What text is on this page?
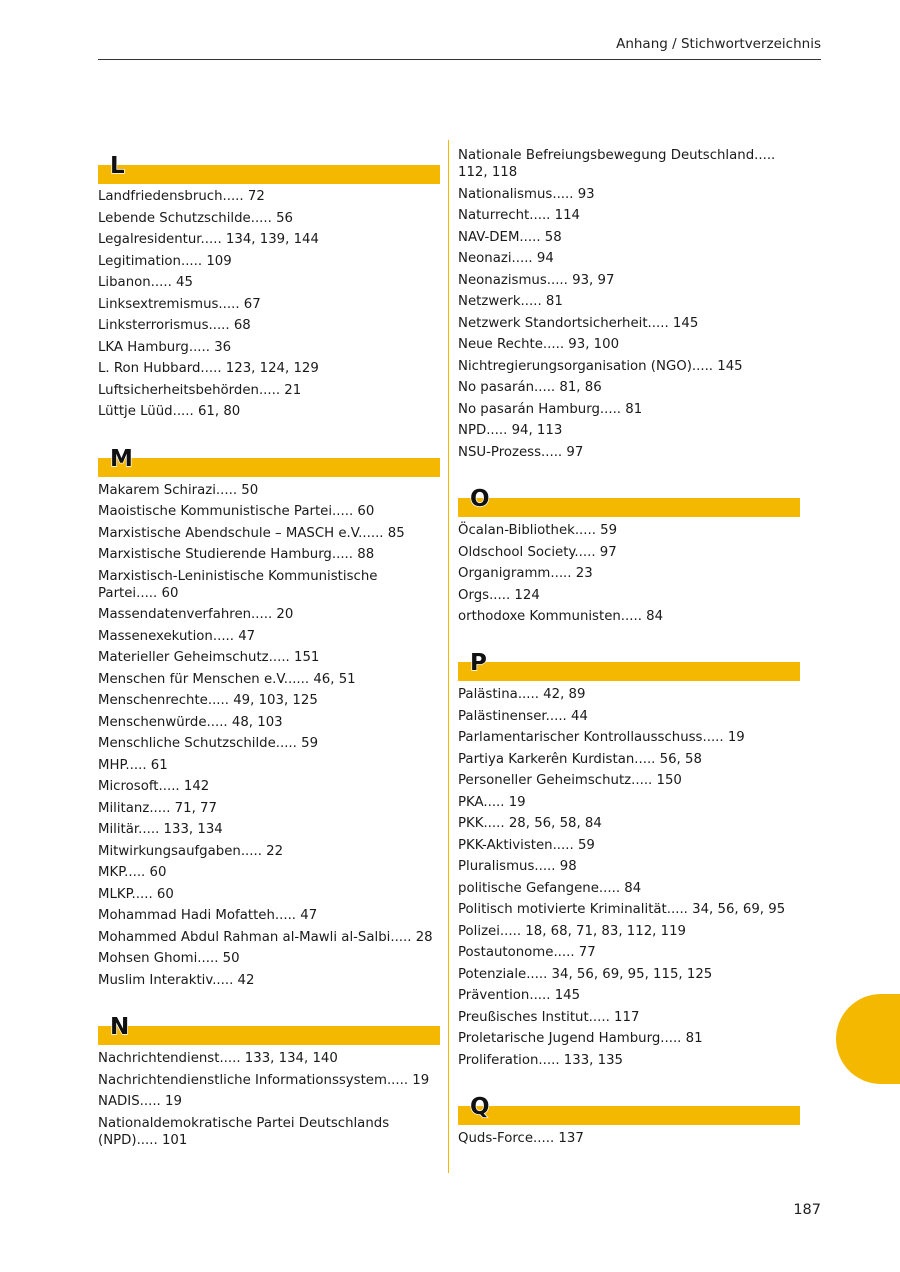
Anhang / Stichwortverzeichnis
L
Landfriedensbruch..... 72
Lebende Schutzschilde..... 56
Legalresidentur..... 134, 139, 144
Legitimation..... 109
Libanon..... 45
Linksextremismus..... 67
Linksterrorismus..... 68
LKA Hamburg..... 36
L. Ron Hubbard..... 123, 124, 129
Luftsicherheitsbehörden..... 21
Lüttje Lüüd..... 61, 80
M
Makarem Schirazi..... 50
Maoistische Kommunistische Partei..... 60
Marxistische Abendschule – MASCH e.V...... 85
Marxistische Studierende Hamburg..... 88
Marxistisch-Leninistische Kommunistische Partei..... 60
Massendatenverfahren..... 20
Massenexekution..... 47
Materieller Geheimschutz..... 151
Menschen für Menschen e.V...... 46, 51
Menschenrechte..... 49, 103, 125
Menschenwürde..... 48, 103
Menschliche Schutzschilde..... 59
MHP..... 61
Microsoft..... 142
Militanz..... 71, 77
Militär..... 133, 134
Mitwirkungsaufgaben..... 22
MKP..... 60
MLKP..... 60
Mohammad Hadi Mofatteh..... 47
Mohammed Abdul Rahman al-Mawli al-Salbi..... 28
Mohsen Ghomi..... 50
Muslim Interaktiv..... 42
N
Nachrichtendienst..... 133, 134, 140
Nachrichtendienstliche Informationssystem..... 19
NADIS..... 19
Nationaldemokratische Partei Deutschlands (NPD)..... 101
Nationale Befreiungsbewegung Deutschland..... 112, 118
Nationalismus..... 93
Naturrecht..... 114
NAV-DEM..... 58
Neonazi..... 94
Neonazismus..... 93, 97
Netzwerk..... 81
Netzwerk Standortsicherheit..... 145
Neue Rechte..... 93, 100
Nichtregierungsorganisation (NGO)..... 145
No pasarán..... 81, 86
No pasarán Hamburg..... 81
NPD..... 94, 113
NSU-Prozess..... 97
O
Öcalan-Bibliothek..... 59
Oldschool Society..... 97
Organigramm..... 23
Orgs..... 124
orthodoxe Kommunisten..... 84
P
Palästina..... 42, 89
Palästinenser..... 44
Parlamentarischer Kontrollausschuss..... 19
Partiya Karkerên Kurdistan..... 56, 58
Personeller Geheimschutz..... 150
PKA..... 19
PKK..... 28, 56, 58, 84
PKK-Aktivisten..... 59
Pluralismus..... 98
politische Gefangene..... 84
Politisch motivierte Kriminalität..... 34, 56, 69, 95
Polizei..... 18, 68, 71, 83, 112, 119
Postautonome..... 77
Potenziale..... 34, 56, 69, 95, 115, 125
Prävention..... 145
Preußisches Institut..... 117
Proletarische Jugend Hamburg..... 81
Proliferation..... 133, 135
Q
Quds-Force..... 137
187
